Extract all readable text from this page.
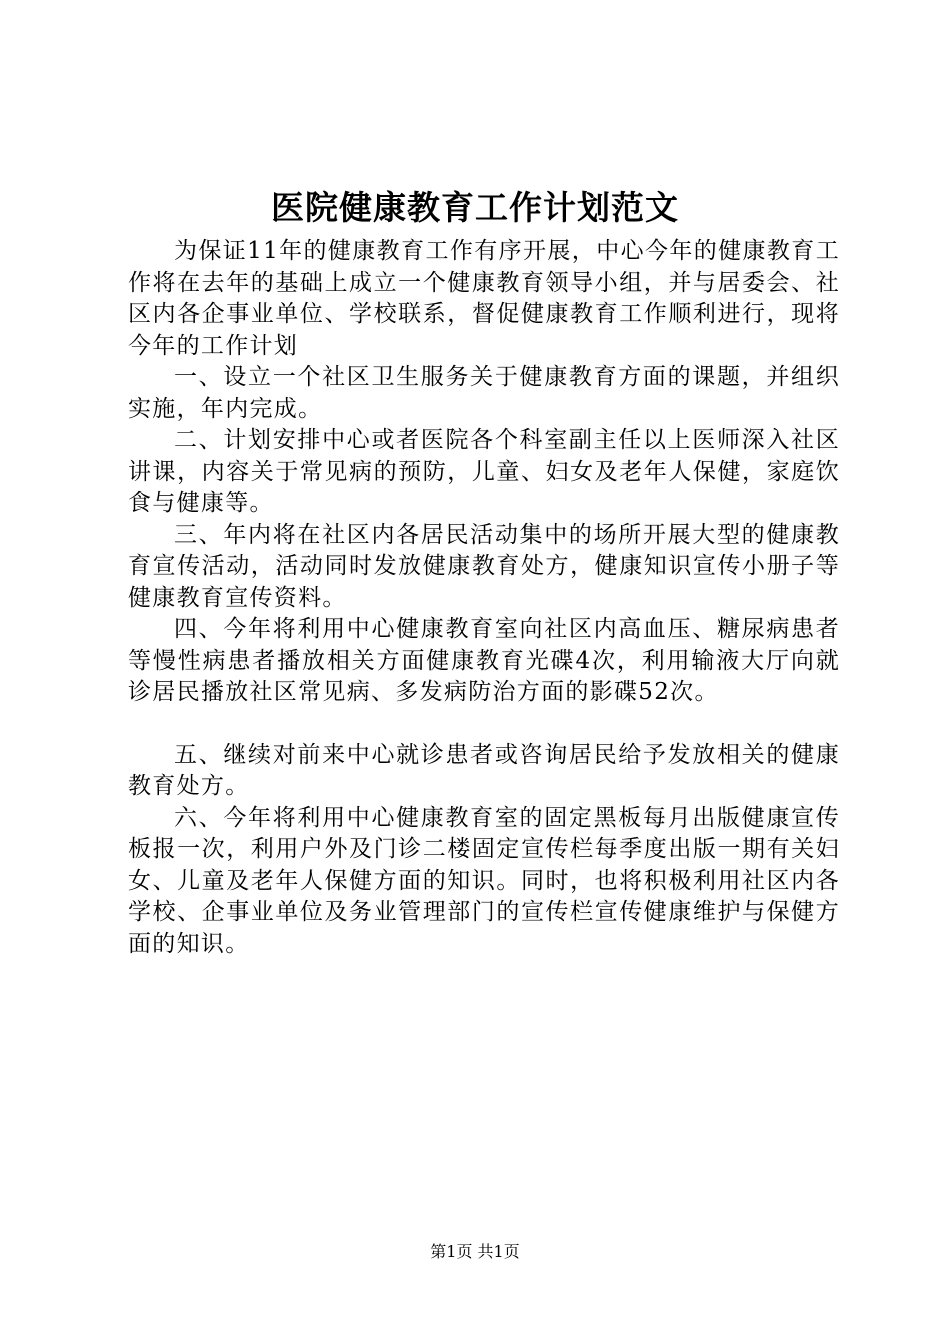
医院健康教育工作计划范文

为保证11年的健康教育工作有序开展，中心今年的健康教育工作将在去年的基础上成立一个健康教育领导小组，并与居委会、社区内各企事业单位、学校联系，督促健康教育工作顺利进行，现将今年的工作计划

一、设立一个社区卫生服务关于健康教育方面的课题，并组织实施，年内完成。

二、计划安排中心或者医院各个科室副主任以上医师深入社区讲课，内容关于常见病的预防，儿童、妇女及老年人保健，家庭饮食与健康等。

三、年内将在社区内各居民活动集中的场所开展大型的健康教育宣传活动，活动同时发放健康教育处方，健康知识宣传小册子等健康教育宣传资料。

四、今年将利用中心健康教育室向社区内高血压、糖尿病患者等慢性病患者播放相关方面健康教育光碟4次，利用输液大厅向就诊居民播放社区常见病、多发病防治方面的影碟52次。

五、继续对前来中心就诊患者或咨询居民给予发放相关的健康教育处方。

六、今年将利用中心健康教育室的固定黑板每月出版健康宣传板报一次，利用户外及门诊二楼固定宣传栏每季度出版一期有关妇女、儿童及老年人保健方面的知识。同时，也将积极利用社区内各学校、企事业单位及务业管理部门的宣传栏宣传健康维护与保健方面的知识。

第1页 共1页
